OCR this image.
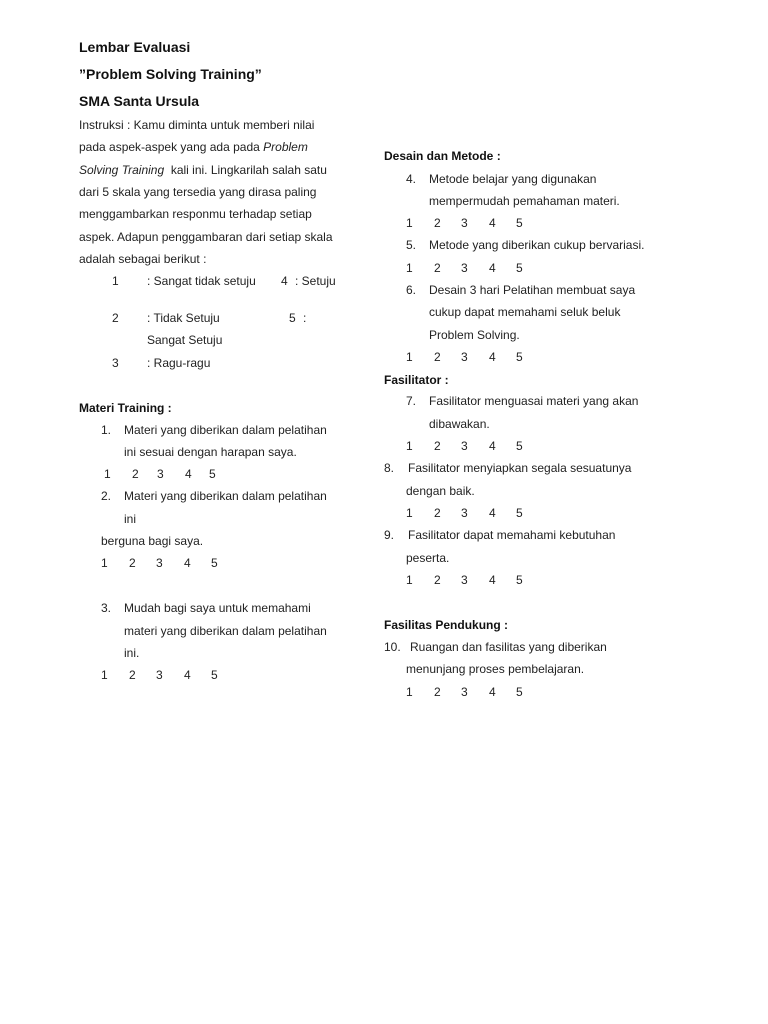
Lembar Evaluasi
”Problem Solving Training”
SMA Santa Ursula
Instruksi : Kamu diminta untuk memberi nilai
pada aspek-aspek yang ada pada Problem
Solving Training kali ini. Lingkarilah salah satu
dari 5 skala yang tersedia yang dirasa paling
menggambarkan responmu terhadap setiap
aspek. Adapun penggambaran dari setiap skala
adalah sebagai berikut :
1 : Sangat tidak setuju 4 : Setuju
2 : Tidak Setuju	5 :
Sangat Setuju
3 : Ragu-ragu
Materi Training :
1. Materi yang diberikan dalam pelatihan
ini sesuai dengan harapan saya.
1 2 3 4 5
2. Materi yang diberikan dalam pelatihan
ini
berguna bagi saya.
1 2 3 4 5
3. Mudah bagi saya untuk memahami
materi yang diberikan dalam pelatihan
ini.
1 2 3 4 5
Desain dan Metode :
4. Metode belajar yang digunakan
mempermudah pemahaman materi.
1 2 3 4 5
5. Metode yang diberikan cukup bervariasi.
1 2 3 4 5
6. Desain 3 hari Pelatihan membuat saya
cukup dapat memahami seluk beluk
Problem Solving.
1 2 3 4 5
Fasilitator :
7. Fasilitator menguasai materi yang akan
dibawakan.
1 2 3 4 5
8. Fasilitator menyiapkan segala sesuatunya
dengan baik.
1 2 3 4 5
9. Fasilitator dapat memahami kebutuhan
peserta.
1 2 3 4 5
Fasilitas Pendukung :
10. Ruangan dan fasilitas yang diberikan
menunjang proses pembelajaran.
1 2 3 4 5
